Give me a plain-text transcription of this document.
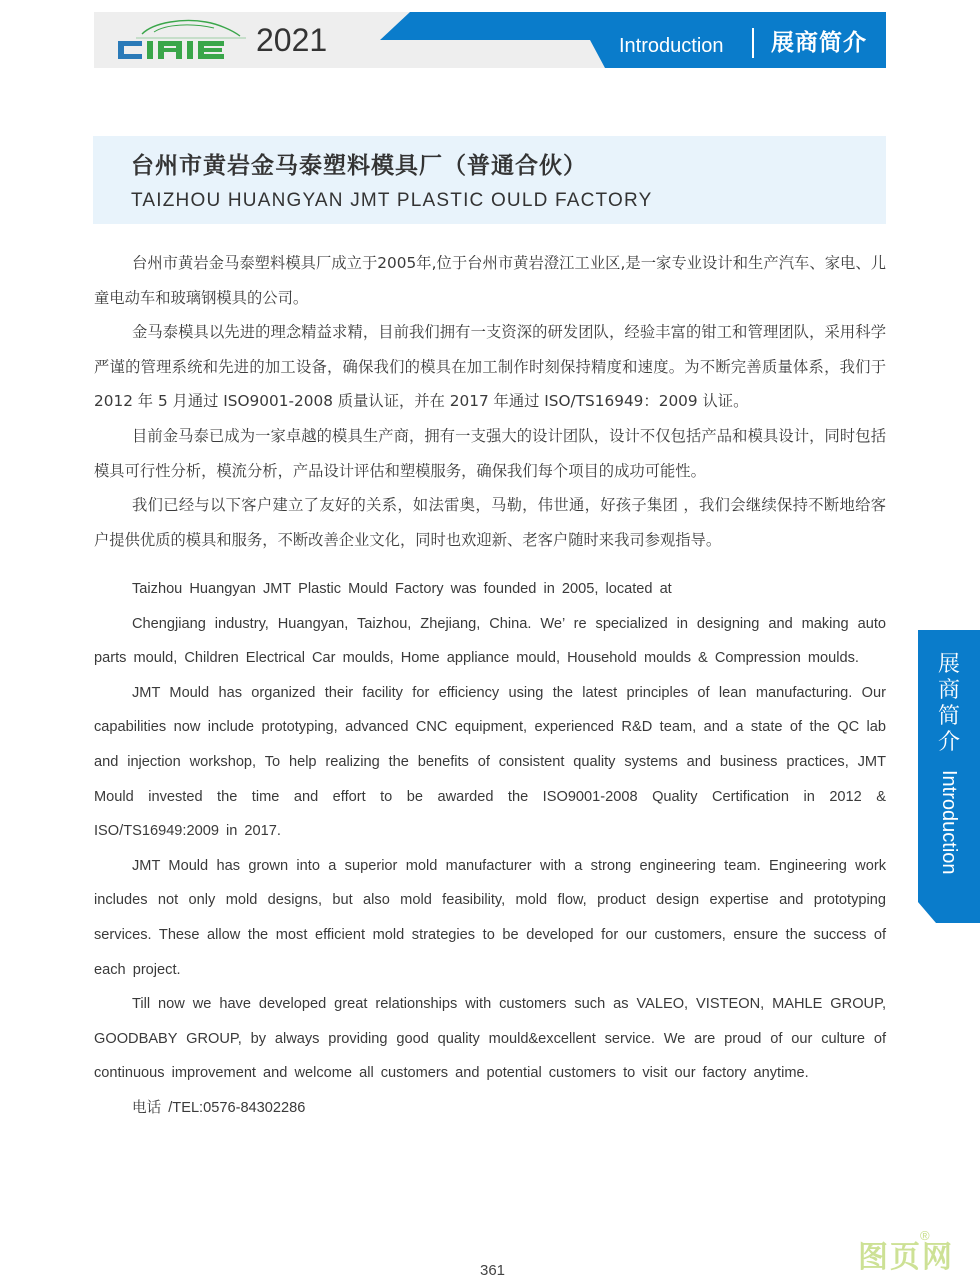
2021	Introduction 展商简介
台州市黄岩金马泰塑料模具厂（普通合伙）
TAIZHOU HUANGYAN JMT PLASTIC OULD FACTORY

台州市黄岩金马泰塑料模具厂成立于2005年,位于台州市黄岩澄江工业区,是一家专业设计和生产汽车、家电、儿童电动车和玻璃钢模具的公司。

金马泰模具以先进的理念精益求精，目前我们拥有一支资深的研发团队，经验丰富的钳工和管理团队，采用科学严谨的管理系统和先进的加工设备，确保我们的模具在加工制作时刻保持精度和速度。为不断完善质量体系，我们于 2012 年 5 月通过 ISO9001-2008 质量认证，并在 2017 年通过 ISO/TS16949：2009 认证。

目前金马泰已成为一家卓越的模具生产商，拥有一支强大的设计团队，设计不仅包括产品和模具设计，同时包括模具可行性分析，模流分析，产品设计评估和塑模服务，确保我们每个项目的成功可能性。

我们已经与以下客户建立了友好的关系，如法雷奥，马勒，伟世通，好孩子集团 ，我们会继续保持不断地给客户提供优质的模具和服务，不断改善企业文化，同时也欢迎新、老客户随时来我司参观指导。

Taizhou Huangyan JMT Plastic Mould Factory was founded in 2005, located at

Chengjiang industry, Huangyan, Taizhou, Zhejiang, China. We’ re specialized in designing and making auto parts mould, Children Electrical Car moulds, Home appliance mould, Household moulds & Compression moulds.

JMT Mould has organized their facility for efficiency using the latest principles of lean manufacturing. Our capabilities now include prototyping, advanced CNC equipment, experienced R&D team, and a state of the QC lab and injection workshop, To help realizing the benefits of consistent quality systems and business practices, JMT Mould invested the time and effort to be awarded the ISO9001-2008 Quality Certification in 2012 & ISO/TS16949:2009 in 2017.

JMT Mould has grown into a superior mold manufacturer with a strong engineering team. Engineering work includes not only mold designs, but also mold feasibility, mold flow, product design expertise and prototyping services. These allow the most efficient mold strategies to be developed for our customers, ensure the success of each project.

Till now we have developed great relationships with customers such as VALEO, VISTEON, MAHLE GROUP, GOODBABY GROUP, by always providing good quality mould&excellent service. We are proud of our culture of continuous improvement and welcome all customers and potential customers to visit our factory anytime.

电话 /TEL:0576-84302286

展
商
简
介
Introduction
361	图页网
®
